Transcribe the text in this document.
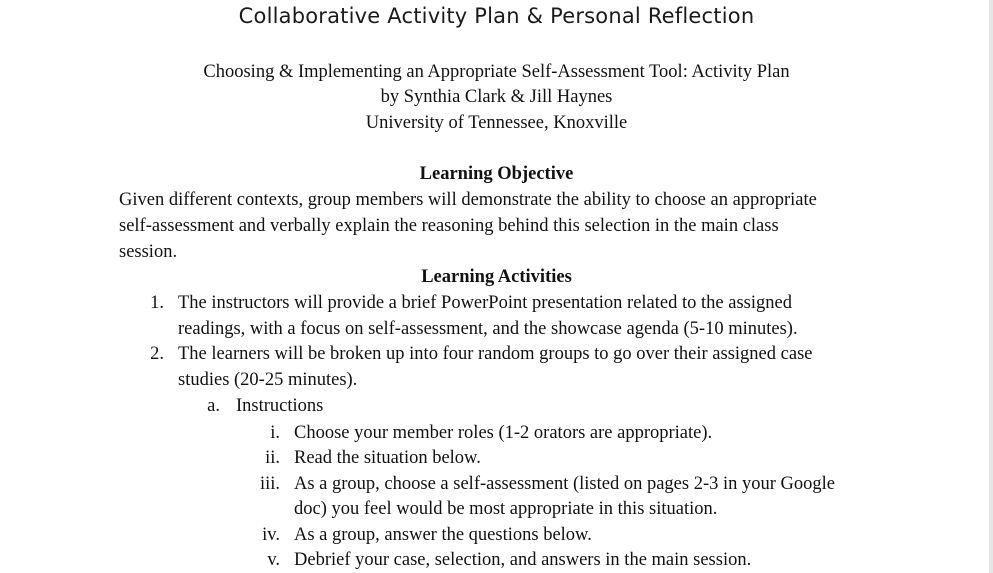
Collaborative Activity Plan & Personal Reflection
Choosing & Implementing an Appropriate Self-Assessment Tool: Activity Plan
by Synthia Clark & Jill Haynes
University of Tennessee, Knoxville
Learning Objective
Given different contexts, group members will demonstrate the ability to choose an appropriate
self-assessment and verbally explain the reasoning behind this selection in the main class
session.
Learning Activities
1. The instructors will provide a brief PowerPoint presentation related to the assigned
readings, with a focus on self-assessment, and the showcase agenda (5-10 minutes).
2. The learners will be broken up into four random groups to go over their assigned case
studies (20-25 minutes).
a. Instructions
i. Choose your member roles (1-2 orators are appropriate).
ii. Read the situation below.
iii. As a group, choose a self-assessment (listed on pages 2-3 in your Google
doc) you feel would be most appropriate in this situation.
iv. As a group, answer the questions below.
v. Debrief your case, selection, and answers in the main session.
